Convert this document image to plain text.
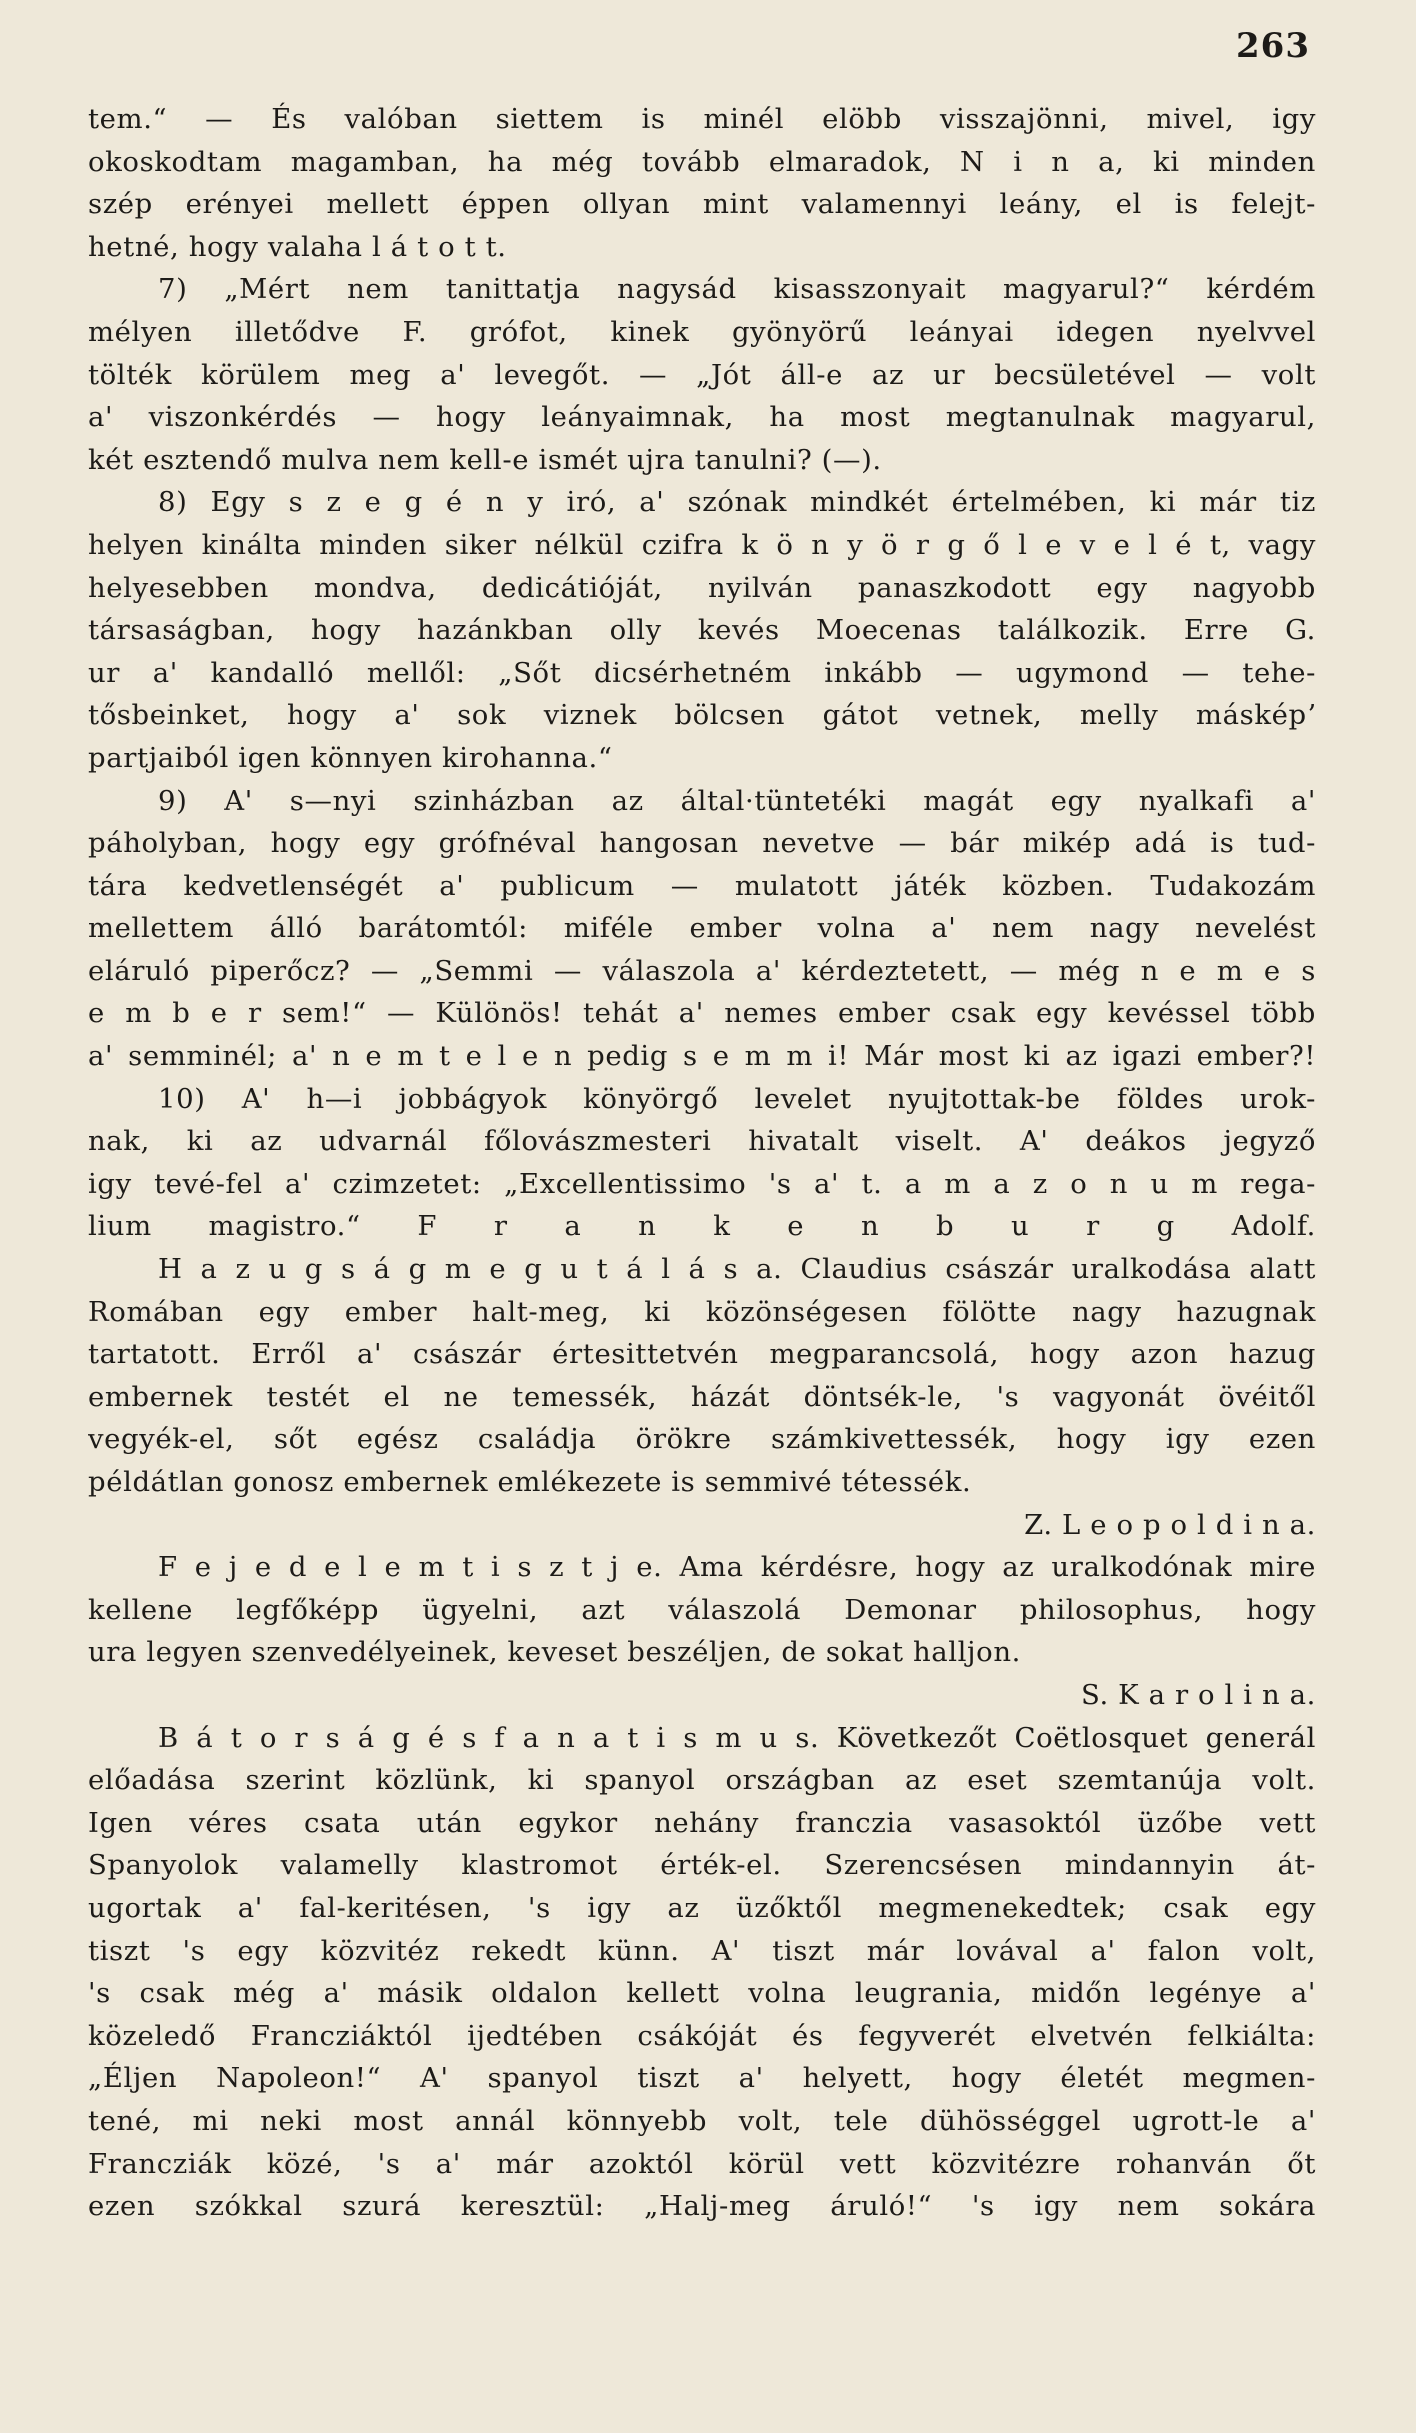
263
tem.“ — És valóban siettem is minél elöbb visszajönni, mivel, igy
okoskodtam magamban, ha még tovább elmaradok, N i n a, ki minden
szép erényei mellett éppen ollyan mint valamennyi leány, el is felejt-
hetné, hogy valaha l á t o t t.
7) „Mért nem tanittatja nagysád kisasszonyait magyarul?“ kérdém
mélyen illetődve F. grófot, kinek gyönyörű leányai idegen nyelvvel
tölték körülem meg a' levegőt. — „Jót áll-e az ur becsületével — volt
a' viszonkérdés — hogy leányaimnak, ha most megtanulnak magyarul,
két esztendő mulva nem kell-e ismét ujra tanulni? (—).
8) Egy s z e g é n y iró, a' szónak mindkét értelmében, ki már tiz
helyen kinálta minden siker nélkül czifra k ö n y ö r g ő l e v e l é t, vagy
helyesebben mondva, dedicátióját, nyilván panaszkodott egy nagyobb
társaságban, hogy hazánkban olly kevés Moecenas találkozik. Erre G.
ur a' kandalló mellől: „Sőt dicsérhetném inkább — ugymond — tehe-
tősbeinket, hogy a' sok viznek bölcsen gátot vetnek, melly másképʼ
partjaiból igen könnyen kirohanna.“
9) A' s—nyi szinházban az által·tüntetéki magát egy nyalkafi a'
páholyban, hogy egy grófnéval hangosan nevetve — bár mikép adá is tud-
tára kedvetlenségét a' publicum — mulatott játék közben. Tudakozám
mellettem álló barátomtól: miféle ember volna a' nem nagy nevelést
eláruló piperőcz? — „Semmi — válaszola a' kérdeztetett, — még n e m e s
e m b e r sem!“ — Különös! tehát a' nemes ember csak egy kevéssel több
a' semminél; a' n e m t e l e n pedig s e m m i! Már most ki az igazi ember?!
10) A' h—i jobbágyok könyörgő levelet nyujtottak-be földes urok-
nak, ki az udvarnál főlovászmesteri hivatalt viselt. A' deákos jegyző
igy tevé-fel a' czimzetet: „Excellentissimo 's a' t. a m a z o n u m rega-
lium magistro.“ F r a n k e n b u r g Adolf.
H a z u g s á g m e g u t á l á s a. Claudius császár uralkodása alatt
Romában egy ember halt-meg, ki közönségesen fölötte nagy hazugnak
tartatott. Erről a' császár értesittetvén megparancsolá, hogy azon hazug
embernek testét el ne temessék, házát döntsék-le, 's vagyonát övéitől
vegyék-el, sőt egész családja örökre számkivettessék, hogy igy ezen
példátlan gonosz embernek emlékezete is semmivé tétessék.
Z. L e o p o l d i n a.
F e j e d e l e m t i s z t j e. Ama kérdésre, hogy az uralkodónak mire
kellene legfőképp ügyelni, azt válaszolá Demonar philosophus, hogy
ura legyen szenvedélyeinek, keveset beszéljen, de sokat halljon.
S. K a r o l i n a.
B á t o r s á g é s f a n a t i s m u s. Következőt Coëtlosquet generál
előadása szerint közlünk, ki spanyol országban az eset szemtanúja volt.
Igen véres csata után egykor nehány franczia vasasoktól üzőbe vett
Spanyolok valamelly klastromot érték-el. Szerencsésen mindannyin át-
ugortak a' fal-keritésen, 's igy az üzőktől megmenekedtek; csak egy
tiszt 's egy közvitéz rekedt künn. A' tiszt már lovával a' falon volt,
's csak még a' másik oldalon kellett volna leugrania, midőn legénye a'
közeledő Francziáktól ijedtében csákóját és fegyverét elvetvén felkiálta:
„Éljen Napoleon!“ A' spanyol tiszt a' helyett, hogy életét megmen-
tené, mi neki most annál könnyebb volt, tele dühösséggel ugrott-le a'
Francziák közé, 's a' már azoktól körül vett közvitézre rohanván őt
ezen szókkal szurá keresztül: „Halj-meg áruló!“ 's igy nem sokára
